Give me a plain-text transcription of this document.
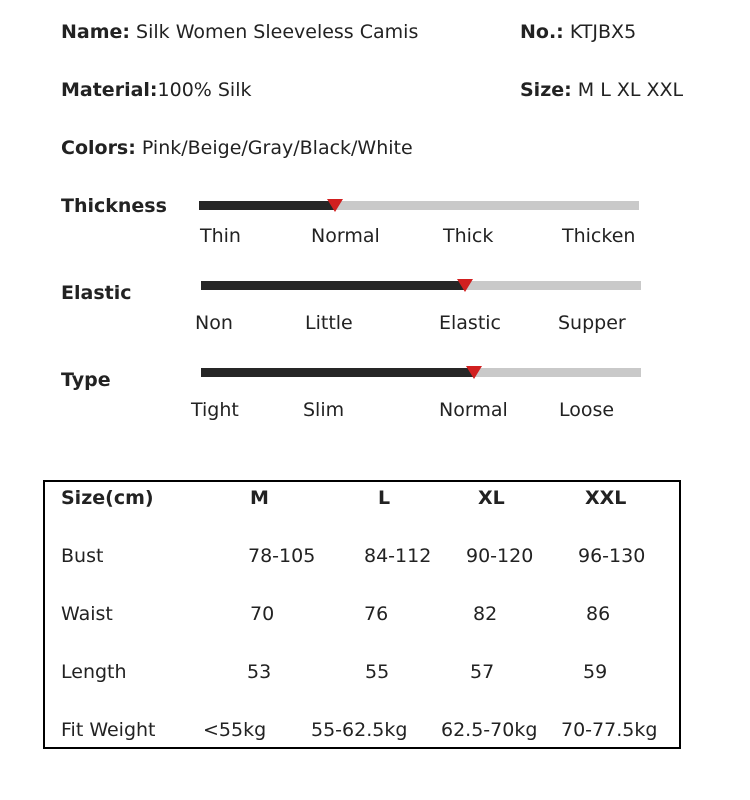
Name: Silk Women Sleeveless Camis	No.: KTJBX5
Material:100% Silk	Size: M L XL XXL
Colors: Pink/Beige/Gray/Black/White
Thickness
Thin	Normal	Thick	Thicken
Elastic
Non	Little	Elastic	Supper
Type
Tight	Slim	Normal	Loose
Size(cm)	M	L	XL	XXL
Bust	78-105	84-112 90-120 96-130
Waist	70	76	82	86
Length	53	55	57	59
Fit Weight <55kg 55-62.5kg 62.5-70kg 70-77.5kg
